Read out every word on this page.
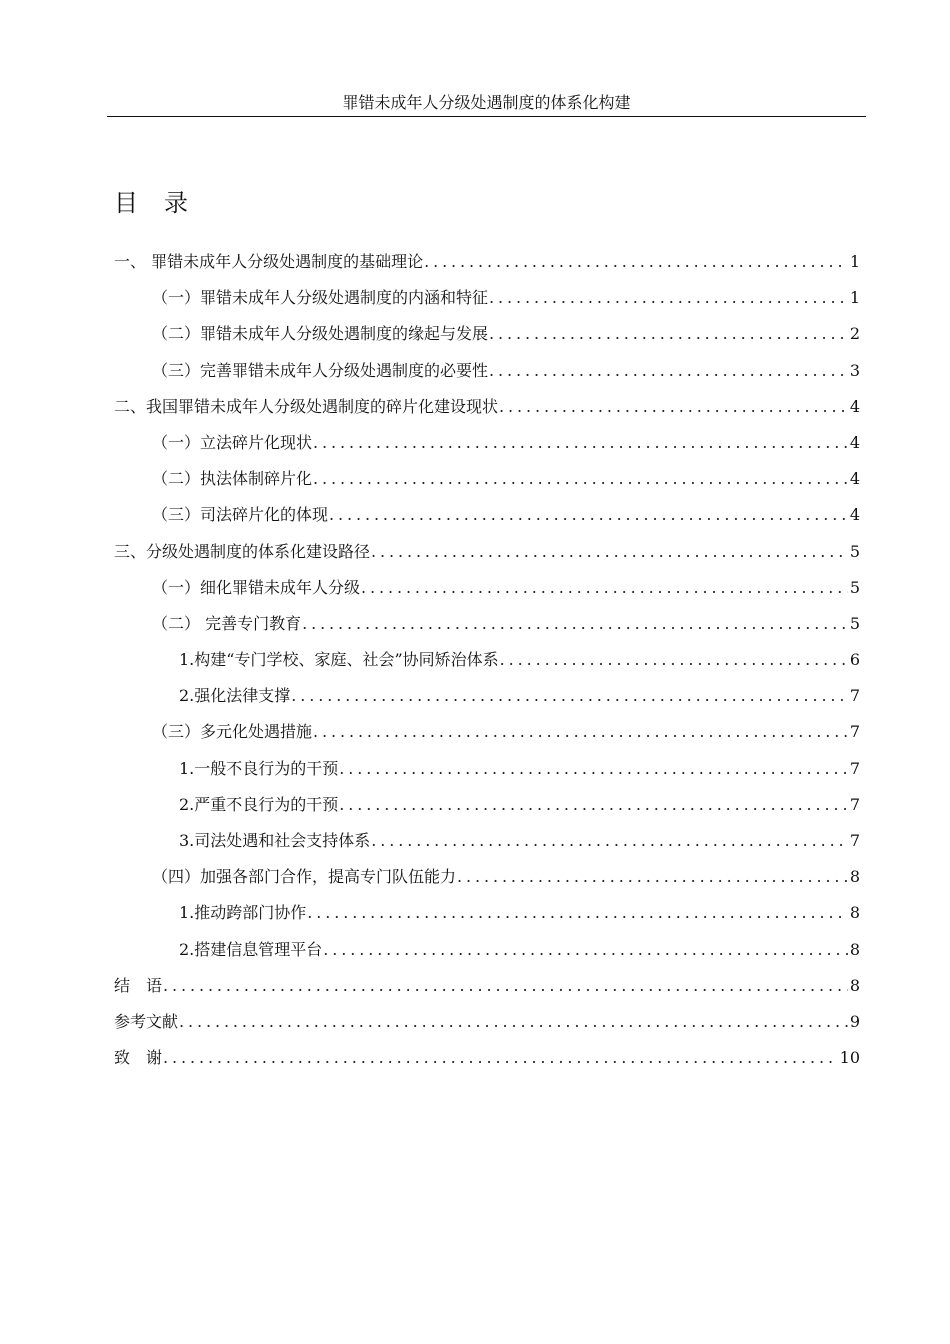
罪错未成年人分级处遇制度的体系化构建
目录
一、 罪错未成年人分级处遇制度的基础理论 .....	1
（一）罪错未成年人分级处遇制度的内涵和特征 .....	1
（二）罪错未成年人分级处遇制度的缘起与发展 .....	2
（三）完善罪错未成年人分级处遇制度的必要性 .....	3
二、我国罪错未成年人分级处遇制度的碎片化建设现状 .....	4
（一）立法碎片化现状 .....	4
（二）执法体制碎片化 .....	4
（三）司法碎片化的体现 .....	4
三、分级处遇制度的体系化建设路径 .....	5
（一）细化罪错未成年人分级 .....	5
（二） 完善专门教育 .....	5
1.构建“专门学校、家庭、社会”协同矫治体系 .....	6
2.强化法律支撑 .....	7
（三）多元化处遇措施 .....	7
1.一般不良行为的干预 .....	7
2.严重不良行为的干预 .....	7
3.司法处遇和社会支持体系 .....	7
（四）加强各部门合作，提高专门队伍能力 .....	8
1.推动跨部门协作 .....	8
2.搭建信息管理平台 .....	8
结　语 .....	8
参考文献 .....	9
致　谢 .....	10
